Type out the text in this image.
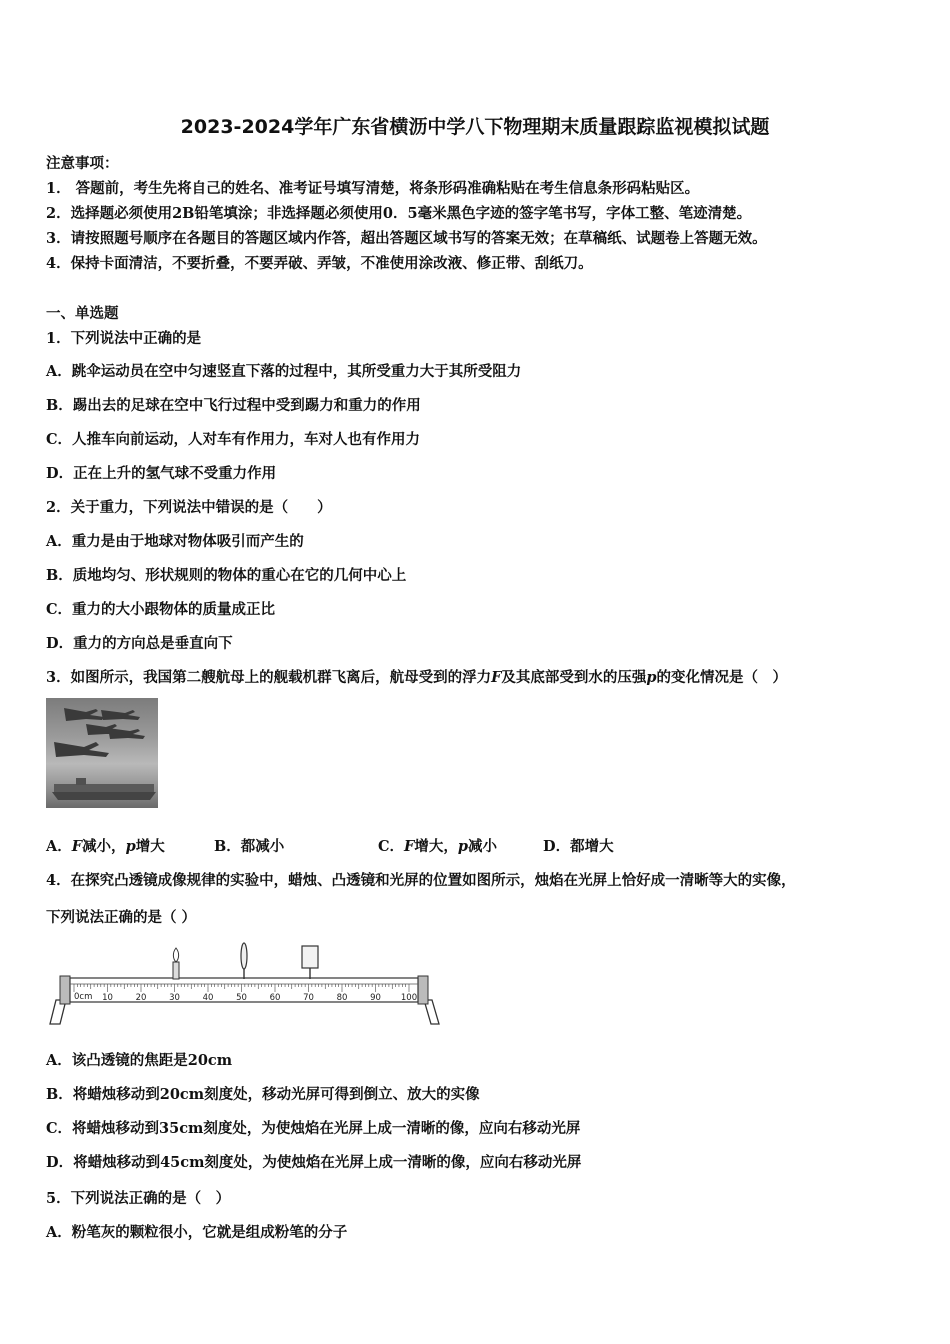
2023-2024学年广东省横沥中学八下物理期末质量跟踪监视模拟试题
注意事项：
1． 答题前，考生先将自己的姓名、准考证号填写清楚，将条形码准确粘贴在考生信息条形码粘贴区。
2．选择题必须使用2B铅笔填涂；非选择题必须使用0．5毫米黑色字迹的签字笔书写，字体工整、笔迹清楚。
3．请按照题号顺序在各题目的答题区域内作答，超出答题区域书写的答案无效；在草稿纸、试题卷上答题无效。
4．保持卡面清洁，不要折叠，不要弄破、弄皱，不准使用涂改液、修正带、刮纸刀。
一、单选题
1．下列说法中正确的是
A．跳伞运动员在空中匀速竖直下落的过程中，其所受重力大于其所受阻力
B．踢出去的足球在空中飞行过程中受到踢力和重力的作用
C．人推车向前运动，人对车有作用力，车对人也有作用力
D．正在上升的氢气球不受重力作用
2．关于重力，下列说法中错误的是（　　）
A．重力是由于地球对物体吸引而产生的
B．质地均匀、形状规则的物体的重心在它的几何中心上
C．重力的大小跟物体的质量成正比
D．重力的方向总是垂直向下
3．如图所示，我国第二艘航母上的舰载机群飞离后，航母受到的浮力F及其底部受到水的压强p的变化情况是（　）
A．F减小，p增大	B．都减小	C．F增大，p减小	D．都增大
4．在探究凸透镜成像规律的实验中，蜡烛、凸透镜和光屏的位置如图所示，烛焰在光屏上恰好成一清晰等大的实像，
下列说法正确的是（ ）
10	20	30	40	50	60	70	80	90 100
0cm
A．该凸透镜的焦距是20cm
B．将蜡烛移动到20cm刻度处，移动光屏可得到倒立、放大的实像
C．将蜡烛移动到35cm刻度处，为使烛焰在光屏上成一清晰的像，应向右移动光屏
D．将蜡烛移动到45cm刻度处，为使烛焰在光屏上成一清晰的像，应向右移动光屏
5．下列说法正确的是（　）
A．粉笔灰的颗粒很小，它就是组成粉笔的分子
